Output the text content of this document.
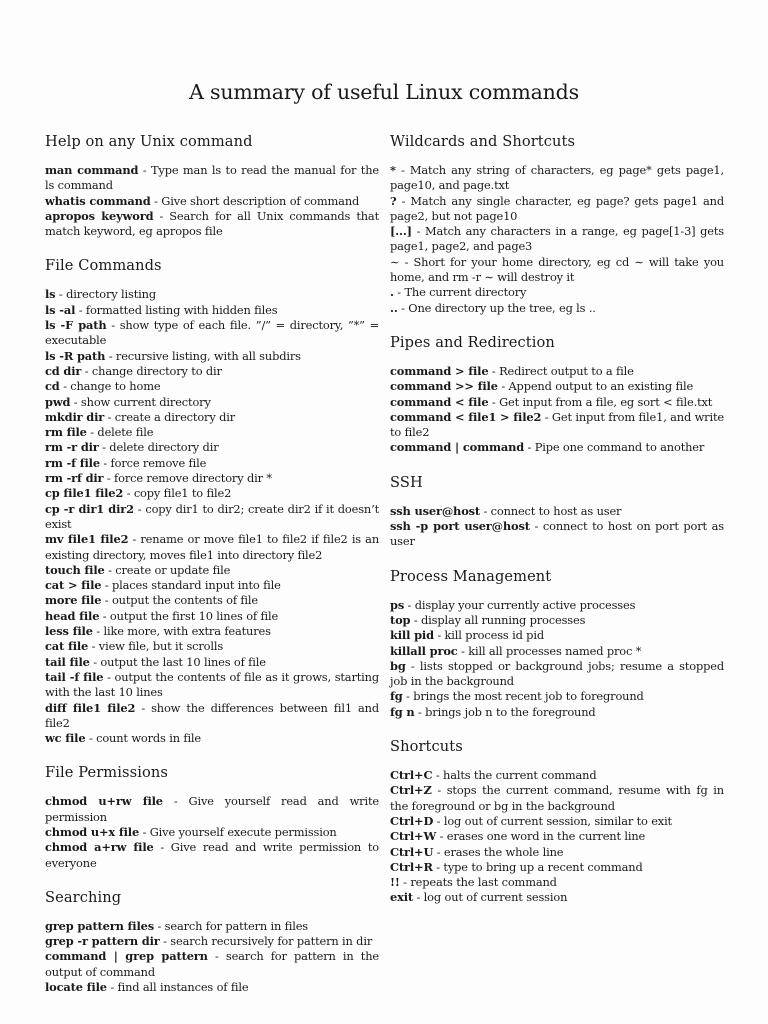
A summary of useful Linux commands
Help on any Unix command

man command - Type man ls to read the manual for the ls command

whatis command - Give short description of command

apropos keyword - Search for all Unix commands that match keyword, eg apropos file

File Commands

ls - directory listing

ls -al - formatted listing with hidden files

ls -F path - show type of each file. ”/” = directory, ”*” = executable

ls -R path - recursive listing, with all subdirs

cd dir - change directory to dir

cd - change to home

pwd - show current directory

mkdir dir - create a directory dir

rm file - delete file

rm -r dir - delete directory dir

rm -f file - force remove file

rm -rf dir - force remove directory dir *

cp file1 file2 - copy file1 to file2

cp -r dir1 dir2 - copy dir1 to dir2; create dir2 if it doesn’t exist

mv file1 file2 - rename or move file1 to file2 if file2 is an existing directory, moves file1 into directory file2

touch file - create or update file

cat > file - places standard input into file

more file - output the contents of file

head file - output the first 10 lines of file

less file - like more, with extra features

cat file - view file, but it scrolls

tail file - output the last 10 lines of file

tail -f file - output the contents of file as it grows, starting with the last 10 lines

diff file1 file2 - show the differences between fil1 and file2

wc file - count words in file

File Permissions

chmod u+rw file - Give yourself read and write permission

chmod u+x file - Give yourself execute permission

chmod a+rw file - Give read and write permission to everyone

Searching

grep pattern files - search for pattern in files

grep -r pattern dir - search recursively for pattern in dir

command | grep pattern - search for pattern in the output of command

locate file - find all instances of file

Wildcards and Shortcuts

* - Match any string of characters, eg page* gets page1, page10, and page.txt

? - Match any single character, eg page? gets page1 and page2, but not page10

[...] - Match any characters in a range, eg page[1-3] gets page1, page2, and page3

∼ - Short for your home directory, eg cd ∼ will take you home, and rm -r ∼ will destroy it

. - The current directory

.. - One directory up the tree, eg ls ..

Pipes and Redirection

command > file - Redirect output to a file

command >> file - Append output to an existing file

command < file - Get input from a file, eg sort < file.txt

command < file1 > file2 - Get input from file1, and write to file2

command | command - Pipe one command to another

SSH

ssh user@host - connect to host as user

ssh -p port user@host - connect to host on port port as user

Process Management

ps - display your currently active processes

top - display all running processes

kill pid - kill process id pid

killall proc - kill all processes named proc *

bg - lists stopped or background jobs; resume a stopped job in the background

fg - brings the most recent job to foreground

fg n - brings job n to the foreground

Shortcuts

Ctrl+C - halts the current command

Ctrl+Z - stops the current command, resume with fg in the foreground or bg in the background

Ctrl+D - log out of current session, similar to exit

Ctrl+W - erases one word in the current line

Ctrl+U - erases the whole line

Ctrl+R - type to bring up a recent command

!! - repeats the last command

exit - log out of current session
